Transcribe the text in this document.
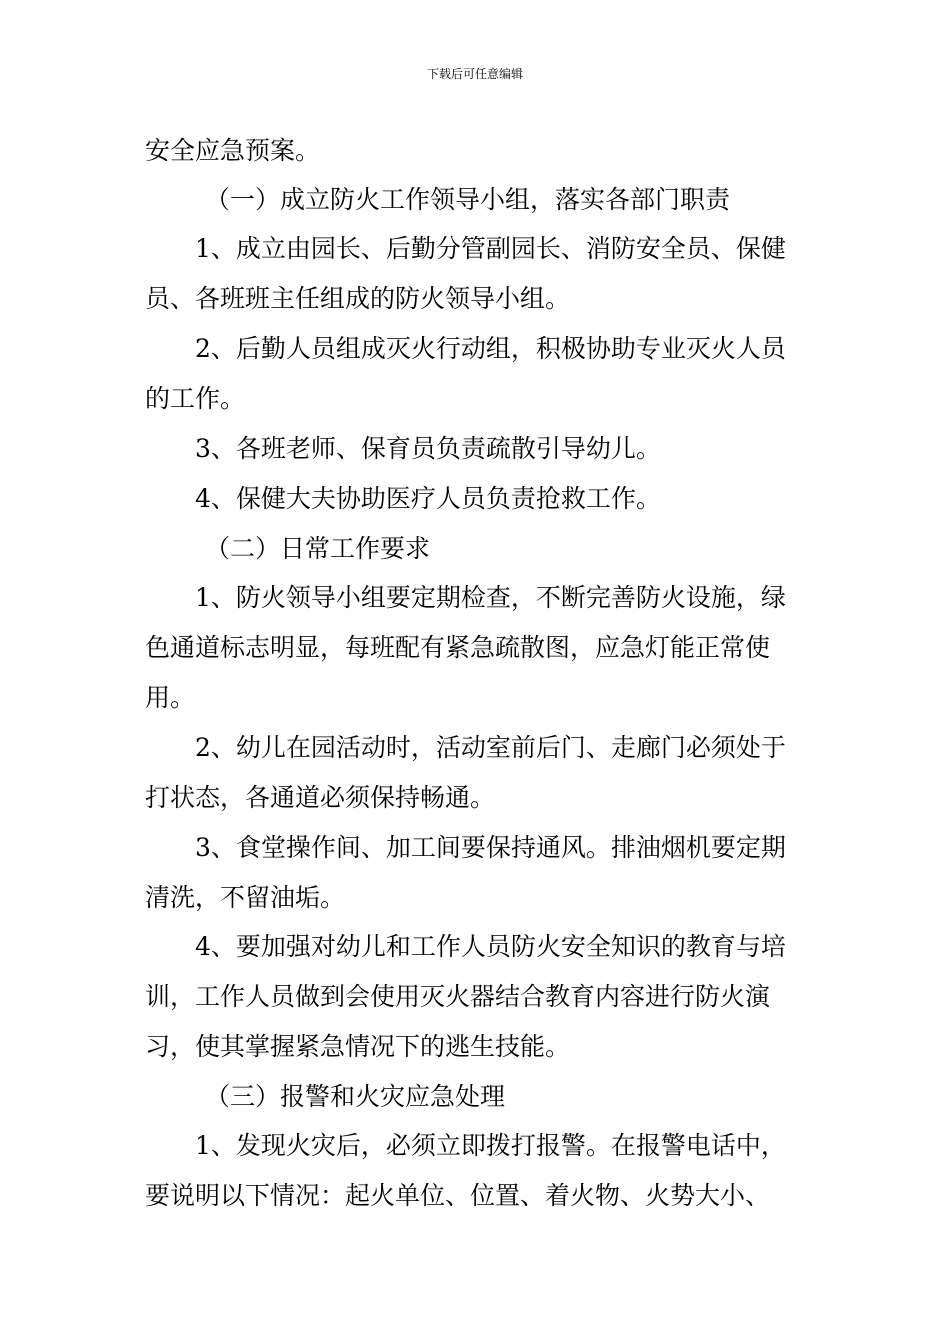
下载后可任意编辑
安全应急预案。
（一）成立防火工作领导小组，落实各部门职责
1、成立由园长、后勤分管副园长、消防安全员、保健
员、各班班主任组成的防火领导小组。
2、后勤人员组成灭火行动组，积极协助专业灭火人员
的工作。
3、各班老师、保育员负责疏散引导幼儿。
4、保健大夫协助医疗人员负责抢救工作。
（二）日常工作要求
1、防火领导小组要定期检查，不断完善防火设施，绿
色通道标志明显，每班配有紧急疏散图，应急灯能正常使
用。
2、幼儿在园活动时，活动室前后门、走廊门必须处于
打状态，各通道必须保持畅通。
3、食堂操作间、加工间要保持通风。排油烟机要定期
清洗，不留油垢。
4、要加强对幼儿和工作人员防火安全知识的教育与培
训，工作人员做到会使用灭火器结合教育内容进行防火演
习，使其掌握紧急情况下的逃生技能。
（三）报警和火灾应急处理
1、发现火灾后，必须立即拨打报警。在报警电话中，
要说明以下情况：起火单位、位置、着火物、火势大小、
